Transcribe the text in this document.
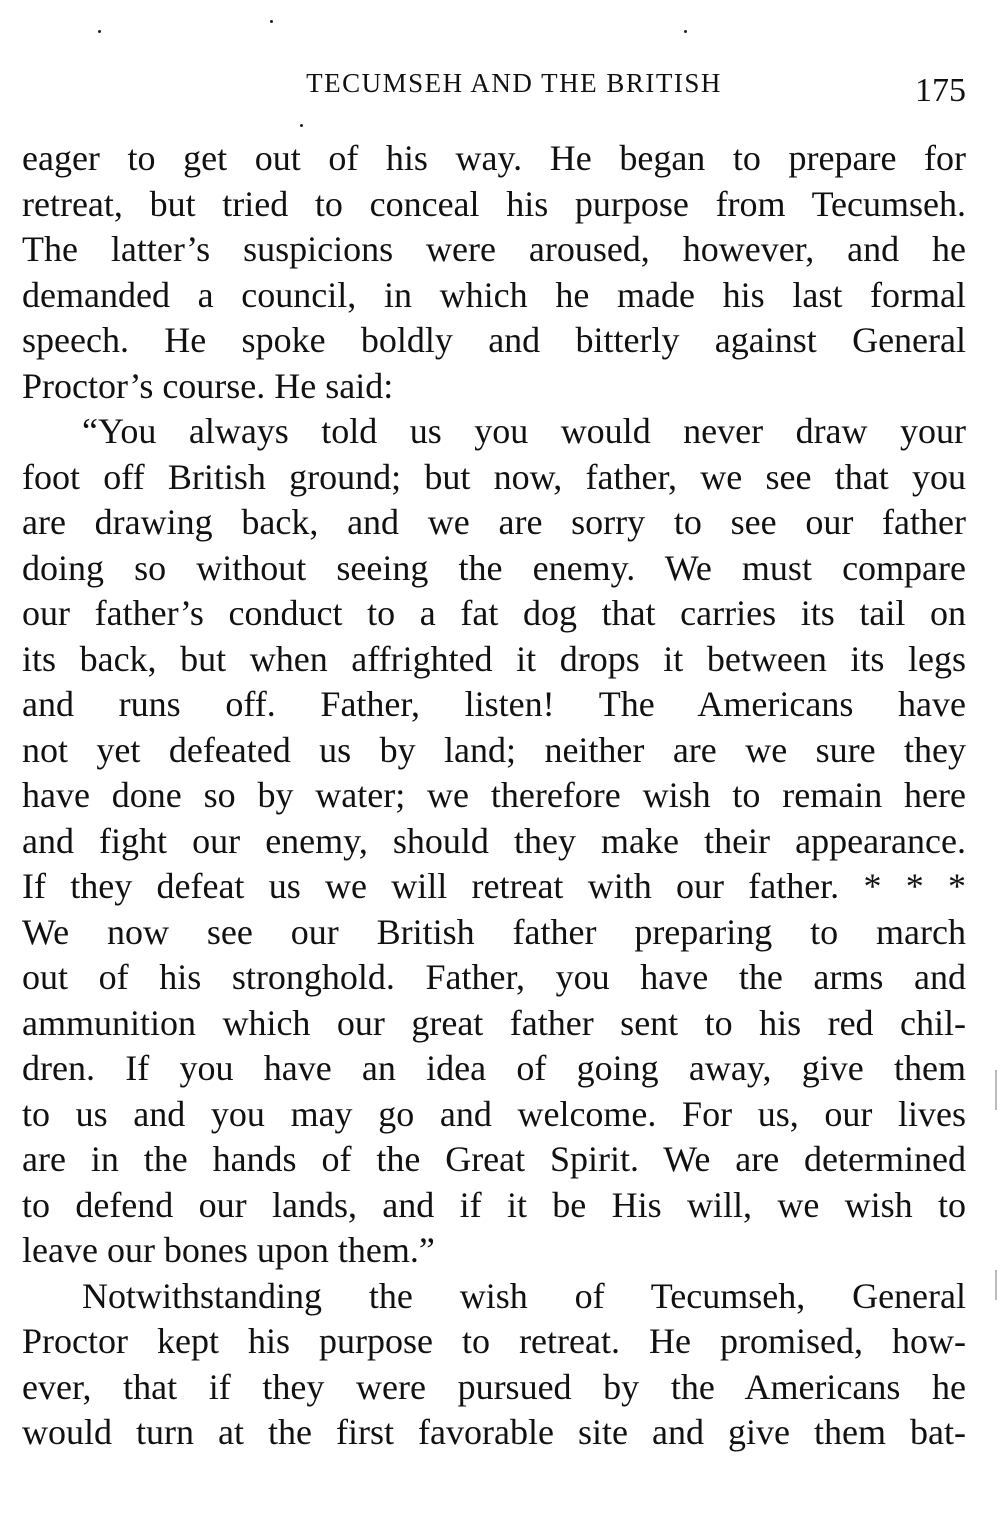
TECUMSEH AND THE BRITISH	175
eager to get out of his way. He began to prepare for
retreat, but tried to conceal his purpose from Tecumseh.
The latter’s suspicions were aroused, however, and he
demanded a council, in which he made his last formal
speech. He spoke boldly and bitterly against General
Proctor’s course. He said:
“You always told us you would never draw your
foot off British ground; but now, father, we see that you
are drawing back, and we are sorry to see our father
doing so without seeing the enemy. We must compare
our father’s conduct to a fat dog that carries its tail on
its back, but when affrighted it drops it between its legs
and runs off. Father, listen! The Americans have
not yet defeated us by land; neither are we sure they
have done so by water; we therefore wish to remain here
and fight our enemy, should they make their appearance.
If they defeat us we will retreat with our father. * * *
We now see our British father preparing to march
out of his stronghold. Father, you have the arms and
ammunition which our great father sent to his red chil-
dren. If you have an idea of going away, give them
to us and you may go and welcome. For us, our lives
are in the hands of the Great Spirit. We are determined
to defend our lands, and if it be His will, we wish to
leave our bones upon them.”
Notwithstanding the wish of Tecumseh, General
Proctor kept his purpose to retreat. He promised, how-
ever, that if they were pursued by the Americans he
would turn at the first favorable site and give them bat-
